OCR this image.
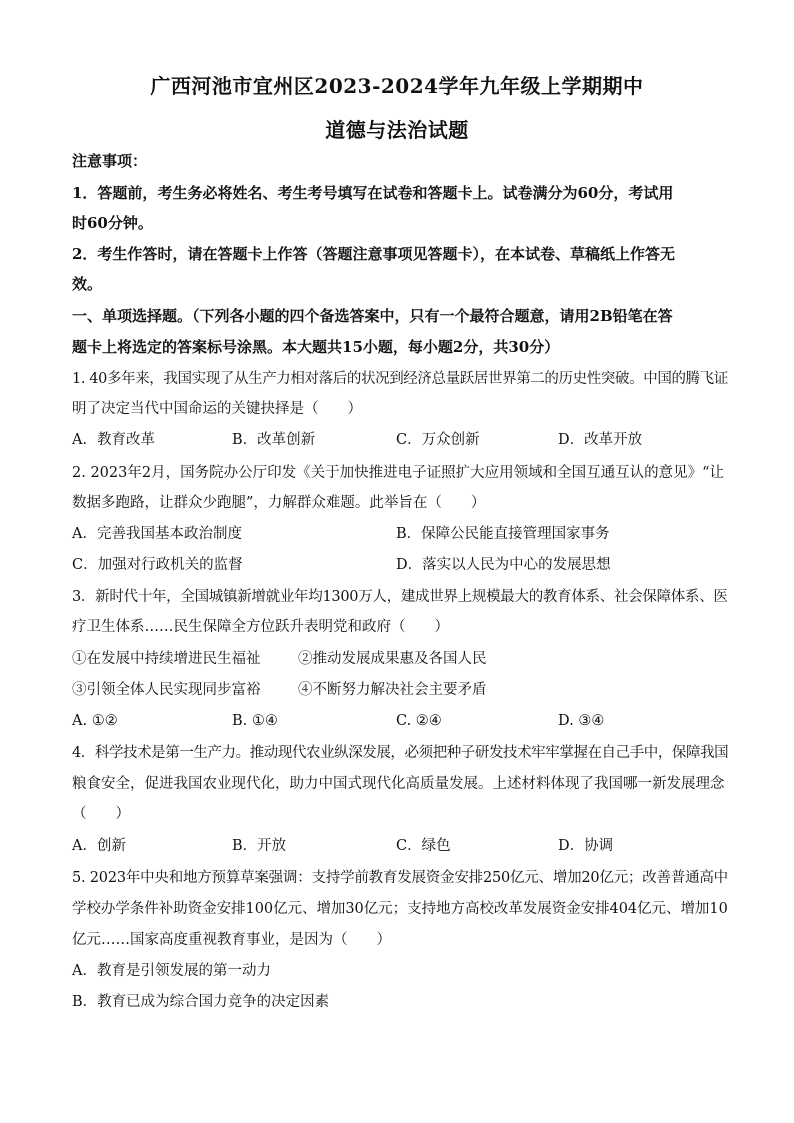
广西河池市宜州区2023-2024学年九年级上学期期中
道德与法治试题
注意事项：
1．答题前，考生务必将姓名、考生考号填写在试卷和答题卡上。试卷满分为60分，考试用
时60分钟。
2．考生作答时，请在答题卡上作答（答题注意事项见答题卡），在本试卷、草稿纸上作答无
效。
一、单项选择题。（下列各小题的四个备选答案中，只有一个最符合题意，请用2B铅笔在答
题卡上将选定的答案标号涂黑。本大题共15小题，每小题2分，共30分）
1. 40多年来，我国实现了从生产力相对落后的状况到经济总量跃居世界第二的历史性突破。中国的腾飞证
明了决定当代中国命运的关键抉择是（　　）
A．教育改革	B．改革创新	C．万众创新	D．改革开放
2. 2023年2月，国务院办公厅印发《关于加快推进电子证照扩大应用领域和全国互通互认的意见》“让
数据多跑路，让群众少跑腿”，力解群众难题。此举旨在（　　）
A．完善我国基本政治制度	B．保障公民能直接管理国家事务
C．加强对行政机关的监督	D．落实以人民为中心的发展思想
3．新时代十年，全国城镇新增就业年均1300万人，建成世界上规模最大的教育体系、社会保障体系、医
疗卫生体系……民生保障全方位跃升表明党和政府（　　）
①在发展中持续增进民生福祉	②推动发展成果惠及各国人民
③引领全体人民实现同步富裕	④不断努力解决社会主要矛盾
A. ①②	B. ①④	C. ②④	D. ③④
4．科学技术是第一生产力。推动现代农业纵深发展，必须把种子研发技术牢牢掌握在自己手中，保障我国
粮食安全，促进我国农业现代化，助力中国式现代化高质量发展。上述材料体现了我国哪一新发展理念
（　　）
A．创新	B．开放	C．绿色	D．协调
5. 2023年中央和地方预算草案强调：支持学前教育发展资金安排250亿元、增加20亿元；改善普通高中
学校办学条件补助资金安排100亿元、增加30亿元；支持地方高校改革发展资金安排404亿元、增加10
亿元……国家高度重视教育事业，是因为（　　）
A．教育是引领发展的第一动力
B．教育已成为综合国力竞争的决定因素
